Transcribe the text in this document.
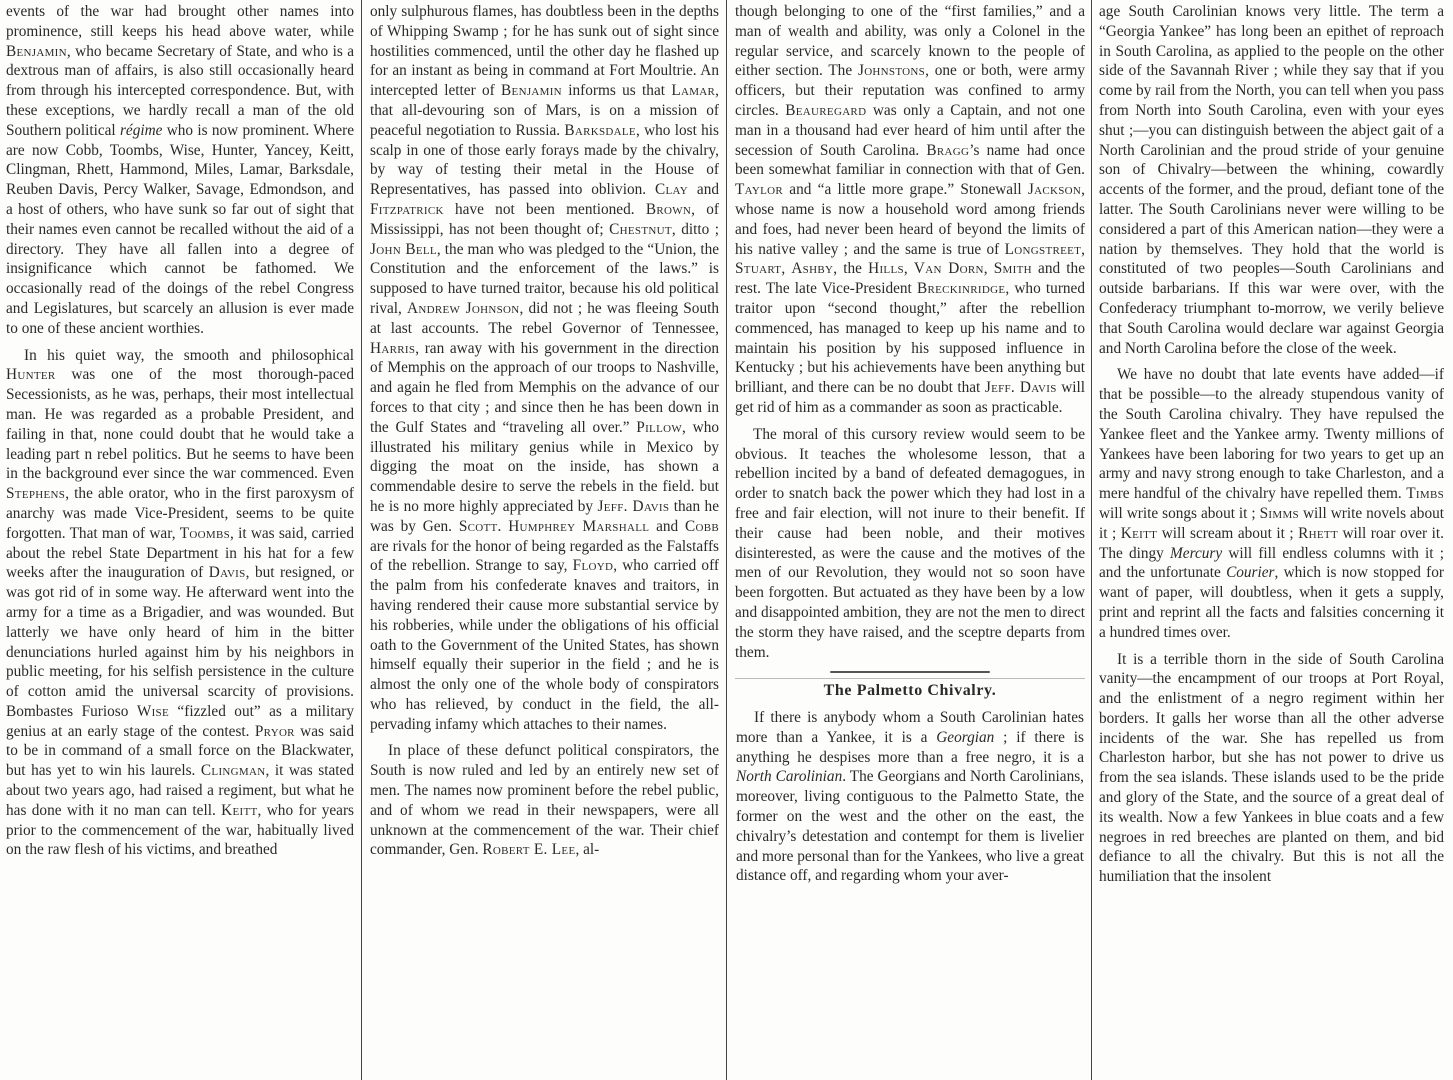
events of the war had brought other names into prominence, still keeps his head above water, while Benjamin, who became Secretary of State, and who is a dextrous man of affairs, is also still occasionally heard from through his intercepted correspondence. But, with these exceptions, we hardly recall a man of the old Southern political régime who is now prominent. Where are now Cobb, Toombs, Wise, Hunter, Yancey, Keitt, Clingman, Rhett, Hammond, Miles, Lamar, Barksdale, Reuben Davis, Percy Walker, Savage, Edmondson, and a host of others, who have sunk so far out of sight that their names even cannot be recalled without the aid of a directory. They have all fallen into a degree of insignificance which cannot be fathomed. We occasionally read of the doings of the rebel Congress and Legislatures, but scarcely an allusion is ever made to one of these ancient worthies.

In his quiet way, the smooth and philosophical Hunter was one of the most thorough-paced Secessionists, as he was, perhaps, their most intellectual man. He was regarded as a probable President, and failing in that, none could doubt that he would take a leading part n rebel politics. But he seems to have been in the background ever since the war commenced. Even Stephens, the able orator, who in the first paroxysm of anarchy was made Vice-President, seems to be quite forgotten. That man of war, Toombs, it was said, carried about the rebel State Department in his hat for a few weeks after the inauguration of Davis, but resigned, or was got rid of in some way. He afterward went into the army for a time as a Brigadier, and was wounded. But latterly we have only heard of him in the bitter denunciations hurled against him by his neighbors in public meeting, for his selfish persistence in the culture of cotton amid the universal scarcity of provisions. Bombastes Furioso Wise “fizzled out” as a military genius at an early stage of the contest. Pryor was said to be in command of a small force on the Blackwater, but has yet to win his laurels. Clingman, it was stated about two years ago, had raised a regiment, but what he has done with it no man can tell. Keitt, who for years prior to the commencement of the war, habitually lived on the raw flesh of his victims, and breathed

only sulphurous flames, has doubtless been in the depths of Whipping Swamp ; for he has sunk out of sight since hostilities commenced, until the other day he flashed up for an instant as being in command at Fort Moultrie. An intercepted letter of Benjamin informs us that Lamar, that all-devouring son of Mars, is on a mission of peaceful negotiation to Russia. Barksdale, who lost his scalp in one of those early forays made by the chivalry, by way of testing their metal in the House of Representatives, has passed into oblivion. Clay and Fitzpatrick have not been mentioned. Brown, of Mississippi, has not been thought of; Chestnut, ditto ; John Bell, the man who was pledged to the “Union, the Constitution and the enforcement of the laws.” is supposed to have turned traitor, because his old political rival, Andrew Johnson, did not ; he was fleeing South at last accounts. The rebel Governor of Tennessee, Harris, ran away with his government in the direction of Memphis on the approach of our troops to Nashville, and again he fled from Memphis on the advance of our forces to that city ; and since then he has been down in the Gulf States and “traveling all over.” Pillow, who illustrated his military genius while in Mexico by digging the moat on the inside, has shown a commendable desire to serve the rebels in the field. but he is no more highly appreciated by Jeff. Davis than he was by Gen. Scott. Humphrey Marshall and Cobb are rivals for the honor of being regarded as the Falstaffs of the rebellion. Strange to say, Floyd, who carried off the palm from his confederate knaves and traitors, in having rendered their cause more substantial service by his robberies, while under the obligations of his official oath to the Government of the United States, has shown himself equally their superior in the field ; and he is almost the only one of the whole body of conspirators who has relieved, by conduct in the field, the all-pervading infamy which attaches to their names.

In place of these defunct political conspirators, the South is now ruled and led by an entirely new set of men. The names now prominent before the rebel public, and of whom we read in their newspapers, were all unknown at the commencement of the war. Their chief commander, Gen. Robert E. Lee, al-

though belonging to one of the “first families,” and a man of wealth and ability, was only a Colonel in the regular service, and scarcely known to the people of either section. The Johnstons, one or both, were army officers, but their reputation was confined to army circles. Beauregard was only a Captain, and not one man in a thousand had ever heard of him until after the secession of South Carolina. Bragg’s name had once been somewhat familiar in connection with that of Gen. Taylor and “a little more grape.” Stonewall Jackson, whose name is now a household word among friends and foes, had never been heard of beyond the limits of his native valley ; and the same is true of Longstreet, Stuart, Ashby, the Hills, Van Dorn, Smith and the rest. The late Vice-President Breckinridge, who turned traitor upon “second thought,” after the rebellion commenced, has managed to keep up his name and to maintain his position by his supposed influence in Kentucky ; but his achievements have been anything but brilliant, and there can be no doubt that Jeff. Davis will get rid of him as a commander as soon as practicable.

The moral of this cursory review would seem to be obvious. It teaches the wholesome lesson, that a rebellion incited by a band of defeated demagogues, in order to snatch back the power which they had lost in a free and fair election, will not inure to their benefit. If their cause had been noble, and their motives disinterested, as were the cause and the motives of the men of our Revolution, they would not so soon have been forgotten. But actuated as they have been by a low and disappointed ambition, they are not the men to direct the storm they have raised, and the sceptre departs from them.

The Palmetto Chivalry.

If there is anybody whom a South Carolinian hates more than a Yankee, it is a Georgian ; if there is anything he despises more than a free negro, it is a North Carolinian. The Georgians and North Carolinians, moreover, living contiguous to the Palmetto State, the former on the west and the other on the east, the chivalry’s detestation and contempt for them is livelier and more personal than for the Yankees, who live a great distance off, and regarding whom your aver-

age South Carolinian knows very little. The term a “Georgia Yankee” has long been an epithet of reproach in South Carolina, as applied to the people on the other side of the Savannah River ; while they say that if you come by rail from the North, you can tell when you pass from North into South Carolina, even with your eyes shut ;—you can distinguish between the abject gait of a North Carolinian and the proud stride of your genuine son of Chivalry—between the whining, cowardly accents of the former, and the proud, defiant tone of the latter. The South Carolinians never were willing to be considered a part of this American nation—they were a nation by themselves. They hold that the world is constituted of two peoples—South Carolinians and outside barbarians. If this war were over, with the Confederacy triumphant to-morrow, we verily believe that South Carolina would declare war against Georgia and North Carolina before the close of the week.

We have no doubt that late events have added—if that be possible—to the already stupendous vanity of the South Carolina chivalry. They have repulsed the Yankee fleet and the Yankee army. Twenty millions of Yankees have been laboring for two years to get up an army and navy strong enough to take Charleston, and a mere handful of the chivalry have repelled them. Timbs will write songs about it ; Simms will write novels about it ; Keitt will scream about it ; Rhett will roar over it. The dingy Mercury will fill endless columns with it ; and the unfortunate Courier, which is now stopped for want of paper, will doubtless, when it gets a supply, print and reprint all the facts and falsities concerning it a hundred times over.

It is a terrible thorn in the side of South Carolina vanity—the encampment of our troops at Port Royal, and the enlistment of a negro regiment within her borders. It galls her worse than all the other adverse incidents of the war. She has repelled us from Charleston harbor, but she has not power to drive us from the sea islands. These islands used to be the pride and glory of the State, and the source of a great deal of its wealth. Now a few Yankees in blue coats and a few negroes in red breeches are planted on them, and bid defiance to all the chivalry. But this is not all the humiliation that the insolent
